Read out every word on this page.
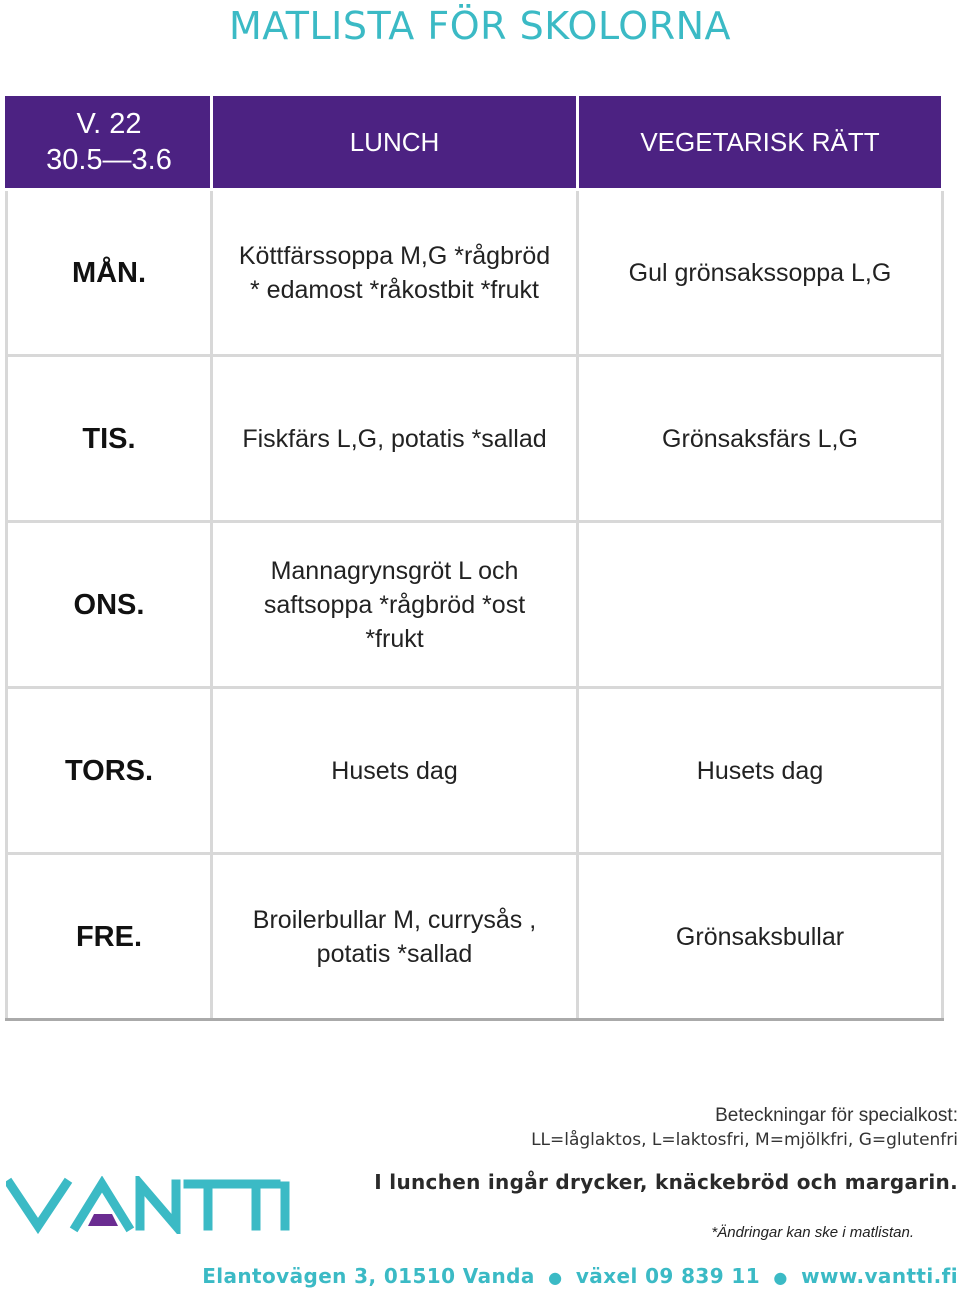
MATLISTA FÖR SKOLORNA
V. 22
30.5—3.6	LUNCH	VEGETARISK RÄTT
MÅN.	Köttfärssoppa M,G *rågbröd
* edamost *råkostbit *frukt	Gul grönsakssoppa L,G

TIS.	Fiskfärs L,G, potatis *sallad	Grönsaksfärs L,G

ONS.	Mannagrynsgröt L och
saftsoppa *rågbröd *ost
*frukt	

TORS.	Husets dag	Husets dag

FRE.	Broilerbullar M, currysås ,
potatis *sallad	Grönsaksbullar
Beteckningar för specialkost:
LL=låglaktos, L=laktosfri, M=mjölkfri, G=glutenfri
I lunchen ingår drycker, knäckebröd och margarin.
*Ändringar kan ske i matlistan.
Elantovägen 3, 01510 Vanda ● växel 09 839 11 ● www.vantti.fi
